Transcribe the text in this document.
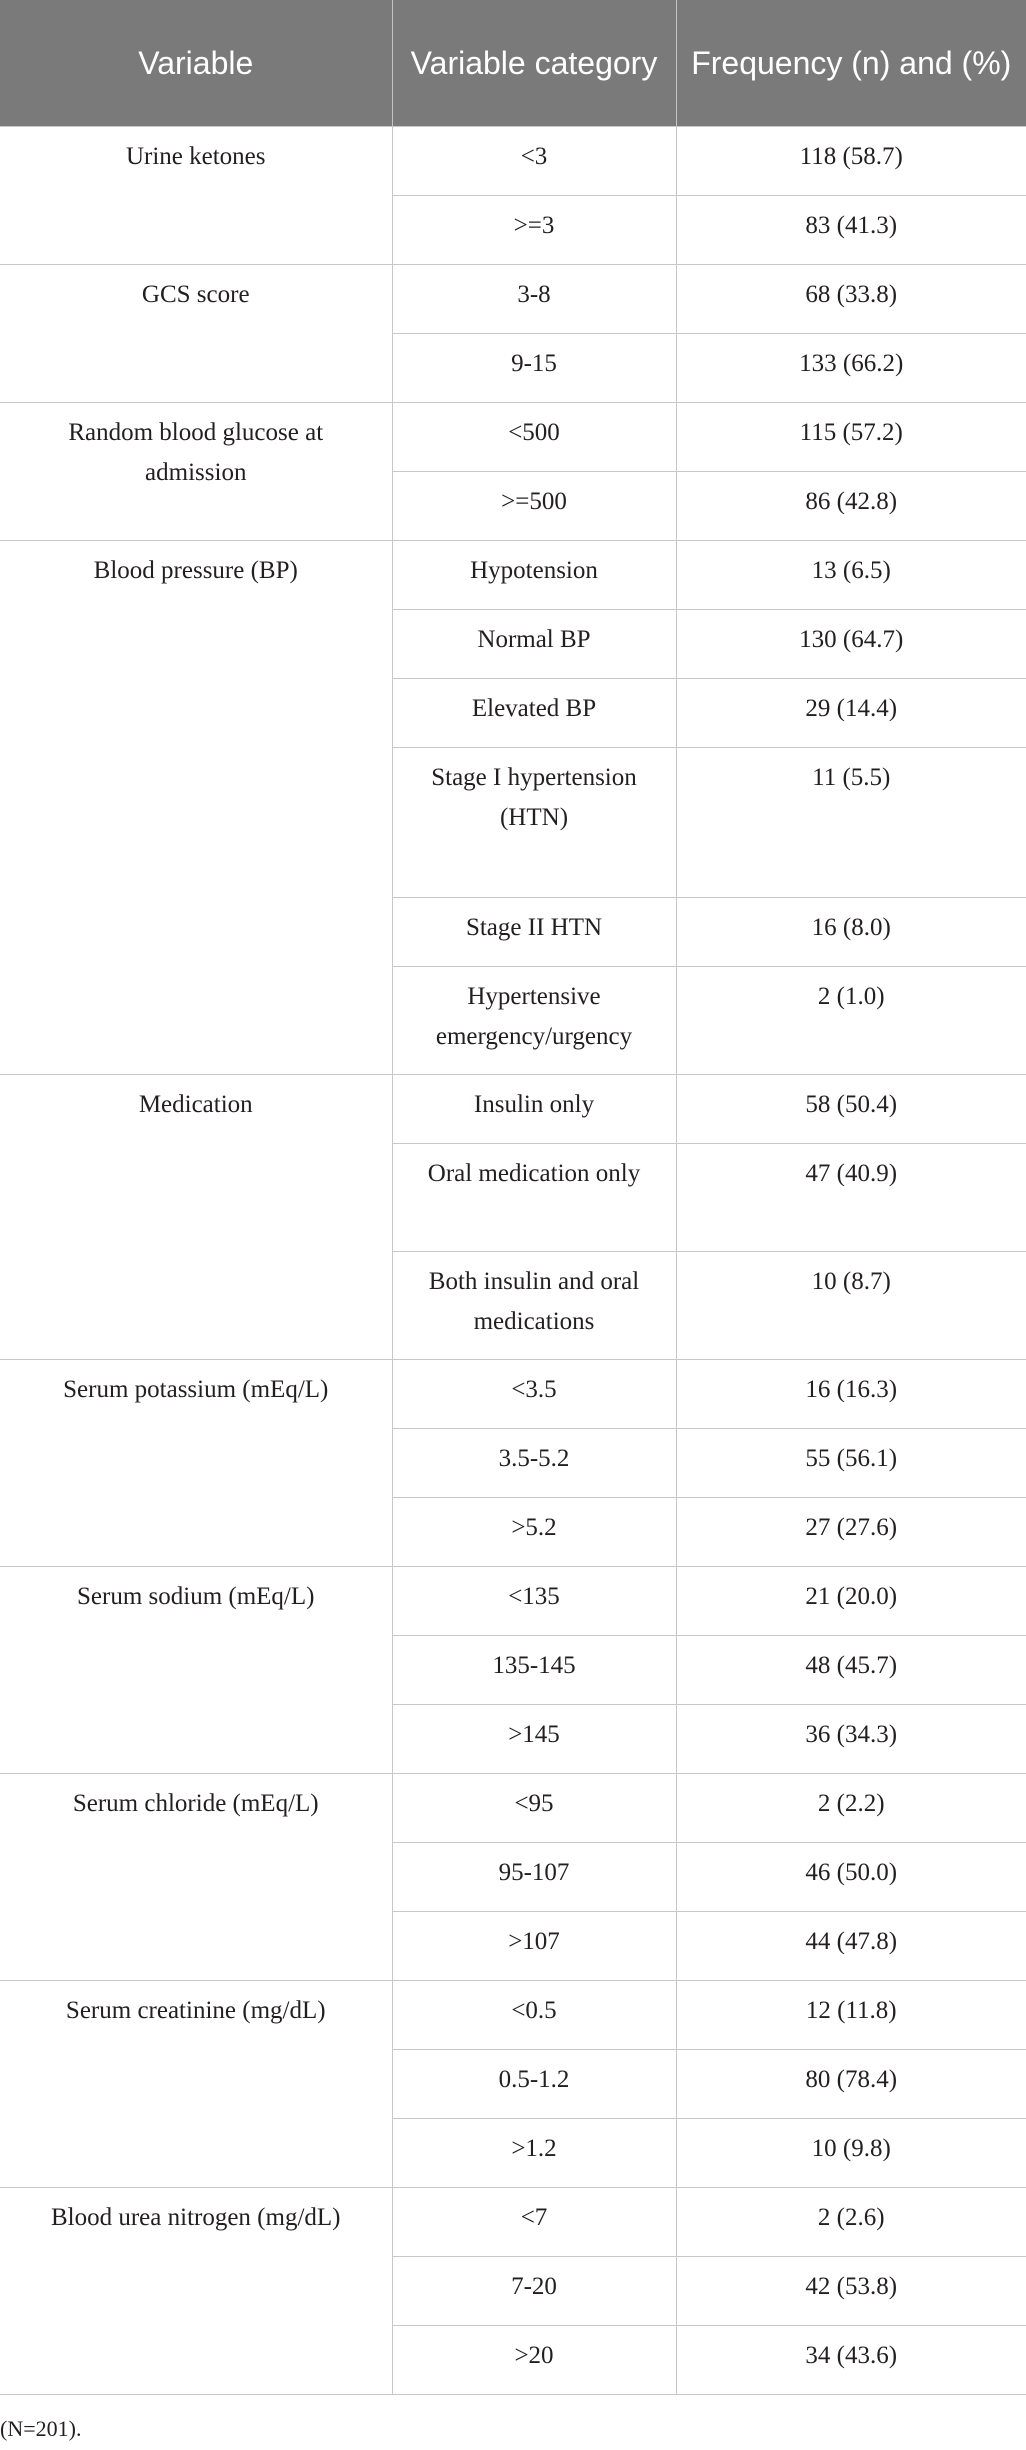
Variable	Variable category	Frequency (n) and (%)
Urine ketones	<3	118 (58.7)
	>=3	83 (41.3)
GCS score	3-8	68 (33.8)
	9-15	133 (66.2)
Random blood glucose at admission	<500	115 (57.2)
	>=500	86 (42.8)
Blood pressure (BP)	Hypotension	13 (6.5)
	Normal BP	130 (64.7)
	Elevated BP	29 (14.4)
	Stage I hypertension (HTN)	11 (5.5)
	Stage II HTN	16 (8.0)
	Hypertensive emergency/urgency	2 (1.0)
Medication	Insulin only	58 (50.4)
	Oral medication only	47 (40.9)
	Both insulin and oral medications	10 (8.7)
Serum potassium (mEq/L)	<3.5	16 (16.3)
	3.5-5.2	55 (56.1)
	>5.2	27 (27.6)
Serum sodium (mEq/L)	<135	21 (20.0)
	135-145	48 (45.7)
	>145	36 (34.3)
Serum chloride (mEq/L)	<95	2 (2.2)
	95-107	46 (50.0)
	>107	44 (47.8)
Serum creatinine (mg/dL)	<0.5	12 (11.8)
	0.5-1.2	80 (78.4)
	>1.2	10 (9.8)
Blood urea nitrogen (mg/dL)	<7	2 (2.6)
	7-20	42 (53.8)
	>20	34 (43.6)

(N=201).
